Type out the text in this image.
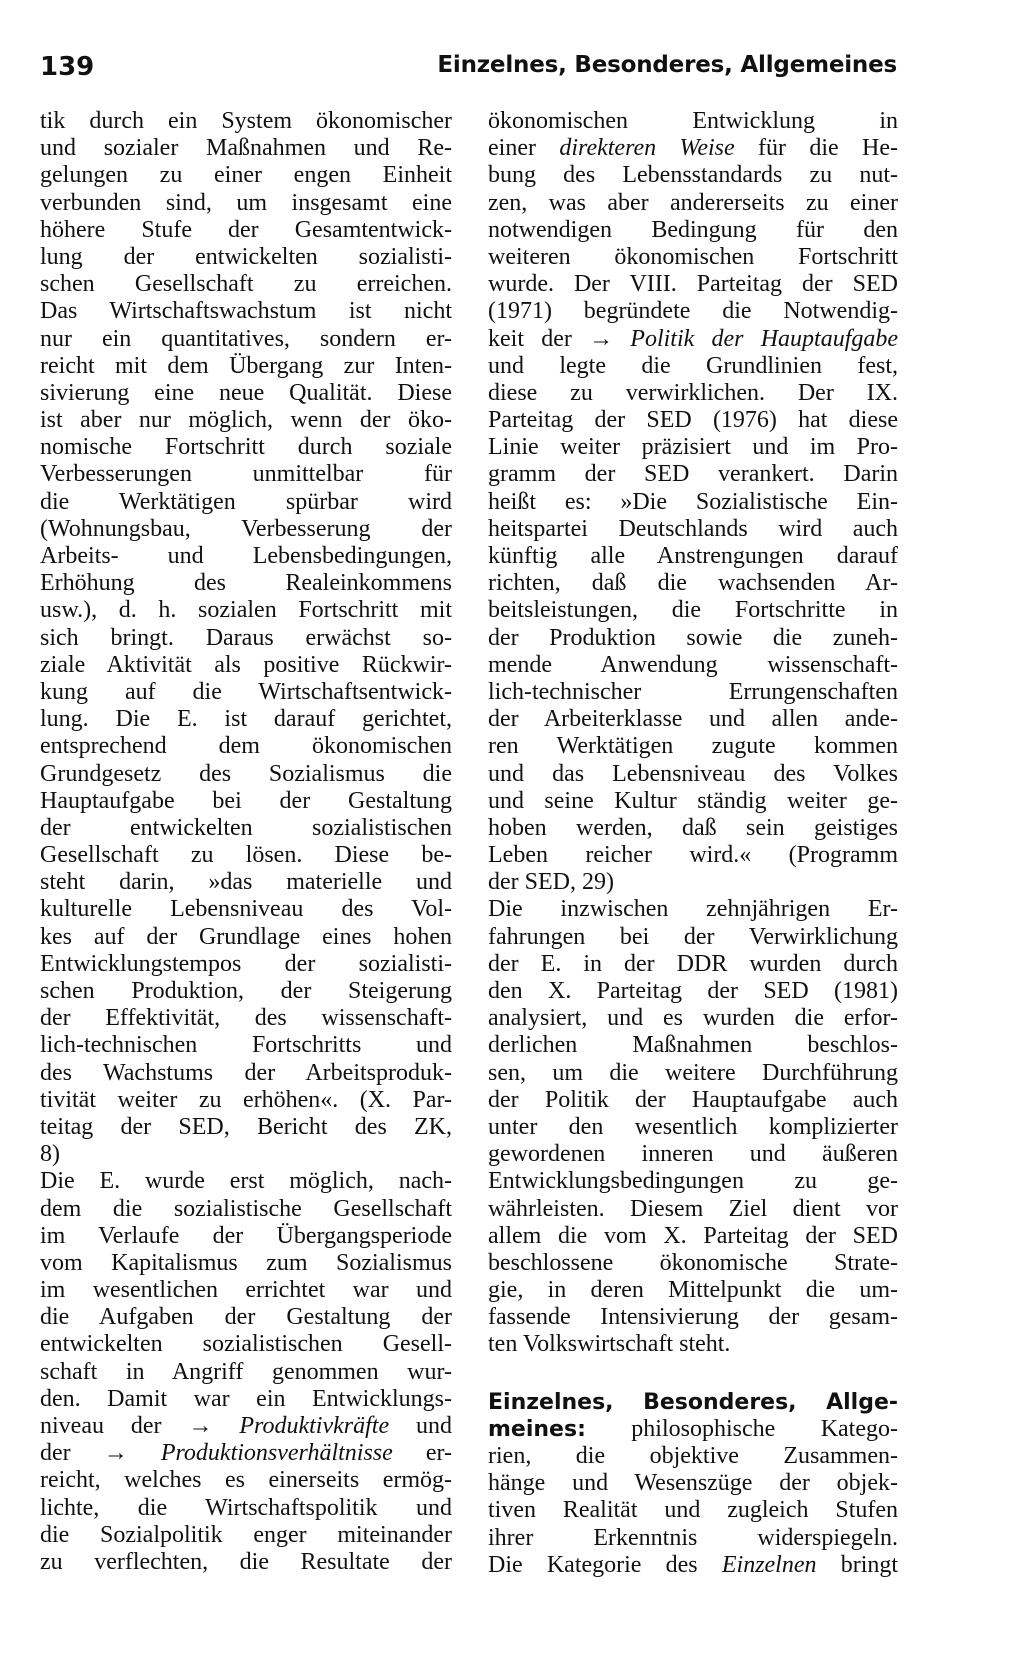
139	Einzelnes, Besonderes, Allgemeines
tik durch ein System ökonomischer
und sozialer Maßnahmen und Re-
gelungen zu einer engen Einheit
verbunden sind, um insgesamt eine
höhere Stufe der Gesamtentwick-
lung der entwickelten sozialisti-
schen Gesellschaft zu erreichen.
Das Wirtschaftswachstum ist nicht
nur ein quantitatives, sondern er-
reicht mit dem Übergang zur Inten-
sivierung eine neue Qualität. Diese
ist aber nur möglich, wenn der öko-
nomische Fortschritt durch soziale
Verbesserungen unmittelbar für
die Werktätigen spürbar wird
(Wohnungsbau, Verbesserung der
Arbeits- und Lebensbedingungen,
Erhöhung des Realeinkommens
usw.), d. h. sozialen Fortschritt mit
sich bringt. Daraus erwächst so-
ziale Aktivität als positive Rückwir-
kung auf die Wirtschaftsentwick-
lung. Die E. ist darauf gerichtet,
entsprechend dem ökonomischen
Grundgesetz des Sozialismus die
Hauptaufgabe bei der Gestaltung
der entwickelten sozialistischen
Gesellschaft zu lösen. Diese be-
steht darin, »das materielle und
kulturelle Lebensniveau des Vol-
kes auf der Grundlage eines hohen
Entwicklungstempos der sozialisti-
schen Produktion, der Steigerung
der Effektivität, des wissenschaft-
lich-technischen Fortschritts und
des Wachstums der Arbeitsproduk-
tivität weiter zu erhöhen«. (X. Par-
teitag der SED, Bericht des ZK,
8)
Die E. wurde erst möglich, nach-
dem die sozialistische Gesellschaft
im Verlaufe der Übergangsperiode
vom Kapitalismus zum Sozialismus
im wesentlichen errichtet war und
die Aufgaben der Gestaltung der
entwickelten sozialistischen Gesell-
schaft in Angriff genommen wur-
den. Damit war ein Entwicklungs-
niveau der → Produktivkräfte und
der → Produktionsverhältnisse er-
reicht, welches es einerseits ermög-
lichte, die Wirtschaftspolitik und
die Sozialpolitik enger miteinander
zu verflechten, die Resultate der
ökonomischen Entwicklung in
einer direkteren Weise für die He-
bung des Lebensstandards zu nut-
zen, was aber andererseits zu einer
notwendigen Bedingung für den
weiteren ökonomischen Fortschritt
wurde. Der VIII. Parteitag der SED
(1971) begründete die Notwendig-
keit der → Politik der Hauptaufgabe
und legte die Grundlinien fest,
diese zu verwirklichen. Der IX.
Parteitag der SED (1976) hat diese
Linie weiter präzisiert und im Pro-
gramm der SED verankert. Darin
heißt es: »Die Sozialistische Ein-
heitspartei Deutschlands wird auch
künftig alle Anstrengungen darauf
richten, daß die wachsenden Ar-
beitsleistungen, die Fortschritte in
der Produktion sowie die zuneh-
mende Anwendung wissenschaft-
lich-technischer Errungenschaften
der Arbeiterklasse und allen ande-
ren Werktätigen zugute kommen
und das Lebensniveau des Volkes
und seine Kultur ständig weiter ge-
hoben werden, daß sein geistiges
Leben reicher wird.« (Programm
der SED, 29)
Die inzwischen zehnjährigen Er-
fahrungen bei der Verwirklichung
der E. in der DDR wurden durch
den X. Parteitag der SED (1981)
analysiert, und es wurden die erfor-
derlichen Maßnahmen beschlos-
sen, um die weitere Durchführung
der Politik der Hauptaufgabe auch
unter den wesentlich komplizierter
gewordenen inneren und äußeren
Entwicklungsbedingungen zu ge-
währleisten. Diesem Ziel dient vor
allem die vom X. Parteitag der SED
beschlossene ökonomische Strate-
gie, in deren Mittelpunkt die um-
fassende Intensivierung der gesam-
ten Volkswirtschaft steht.
Einzelnes, Besonderes, Allge-
meines: philosophische Katego-
rien, die objektive Zusammen-
hänge und Wesenszüge der objek-
tiven Realität und zugleich Stufen
ihrer Erkenntnis widerspiegeln.
Die Kategorie des Einzelnen bringt
